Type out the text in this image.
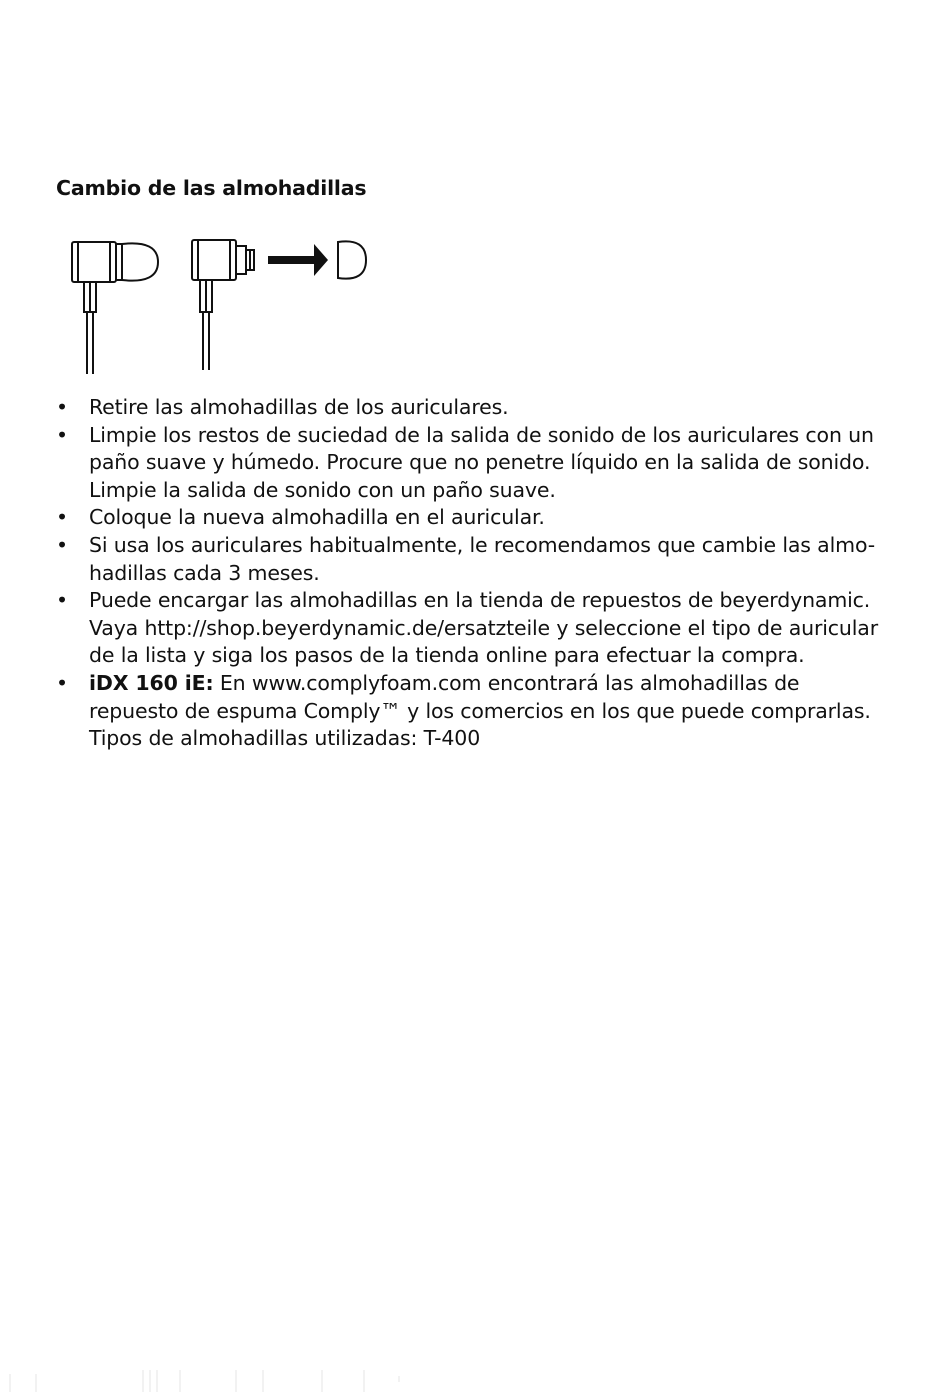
Cambio de las almohadillas
• Retire las almohadillas de los auriculares.
• Limpie los restos de suciedad de la salida de sonido de los auriculares con un paño suave y húmedo. Procure que no penetre líquido en la salida de sonido. Limpie la salida de sonido con un paño suave.
• Coloque la nueva almohadilla en el auricular.
• Si usa los auriculares habitualmente, le recomendamos que cambie las almo-hadillas cada 3 meses.
• Puede encargar las almohadillas en la tienda de repuestos de beyerdynamic. Vaya http://shop.beyerdynamic.de/ersatzteile y seleccione el tipo de auricular de la lista y siga los pasos de la tienda online para efectuar la compra.
• iDX 160 iE: En www.complyfoam.com encontrará las almohadillas de repuesto de espuma Comply™ y los comercios en los que puede comprarlas.
Tipos de almohadillas utilizadas: T-400
